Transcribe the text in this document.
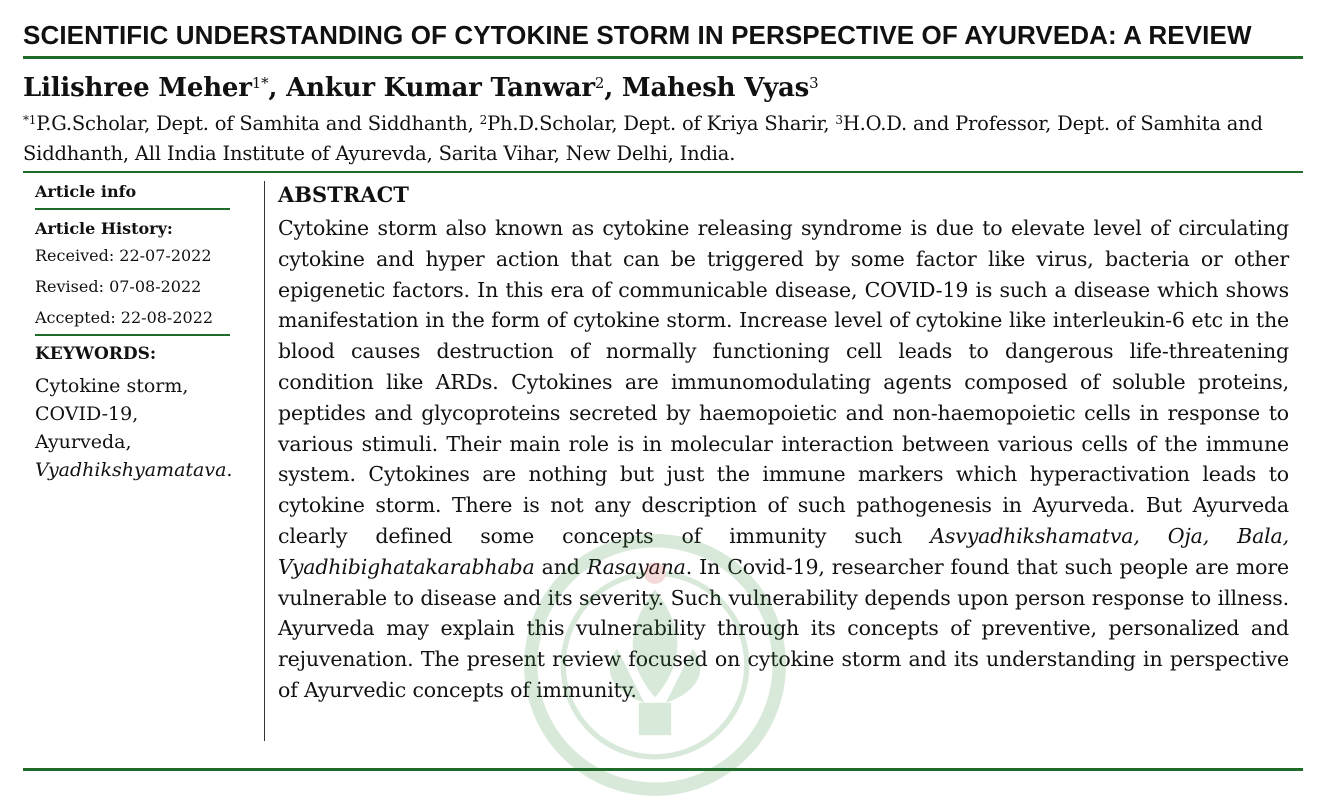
SCIENTIFIC UNDERSTANDING OF CYTOKINE STORM IN PERSPECTIVE OF AYURVEDA: A REVIEW

Lilishree Meher$^{1*}$, Ankur Kumar Tanwar$^2$, Mahesh Vyas$^3$

$^{*1}$P.G.Scholar, Dept. of Samhita and Siddhanth, $^2$Ph.D.Scholar, Dept. of Kriya Sharir, $^3$H.O.D. and Professor, Dept. of Samhita and Siddhanth, All India Institute of Ayurevda, Sarita Vihar, New Delhi, India.

Article info
Article History:
Received: 22-07-2022
Revised: 07-08-2022
Accepted: 22-08-2022
KEYWORDS:
Cytokine storm,
COVID-19,
Ayurveda,
Vyadhikshyamatava.
ABSTRACT

Cytokine storm also known as cytokine releasing syndrome is due to elevate level of circulating cytokine and hyper action that can be triggered by some factor like virus, bacteria or other epigenetic factors. In this era of communicable disease, COVID-19 is such a disease which shows manifestation in the form of cytokine storm. Increase level of cytokine like interleukin-6 etc in the blood causes destruction of normally functioning cell leads to dangerous life-threatening condition like ARDs. Cytokines are immunomodulating agents composed of soluble proteins, peptides and glycoproteins secreted by haemopoietic and non-haemopoietic cells in response to various stimuli. Their main role is in molecular interaction between various cells of the immune system. Cytokines are nothing but just the immune markers which hyperactivation leads to cytokine storm. There is not any description of such pathogenesis in Ayurveda. But Ayurveda clearly defined some concepts of immunity such Asvyadhikshamatva, Oja, Bala, Vyadhibighatakarabhaba and Rasayana. In Covid-19, researcher found that such people are more vulnerable to disease and its severity. Such vulnerability depends upon person response to illness. Ayurveda may explain this vulnerability through its concepts of preventive, personalized and rejuvenation. The present review focused on cytokine storm and its understanding in perspective of Ayurvedic concepts of immunity.
